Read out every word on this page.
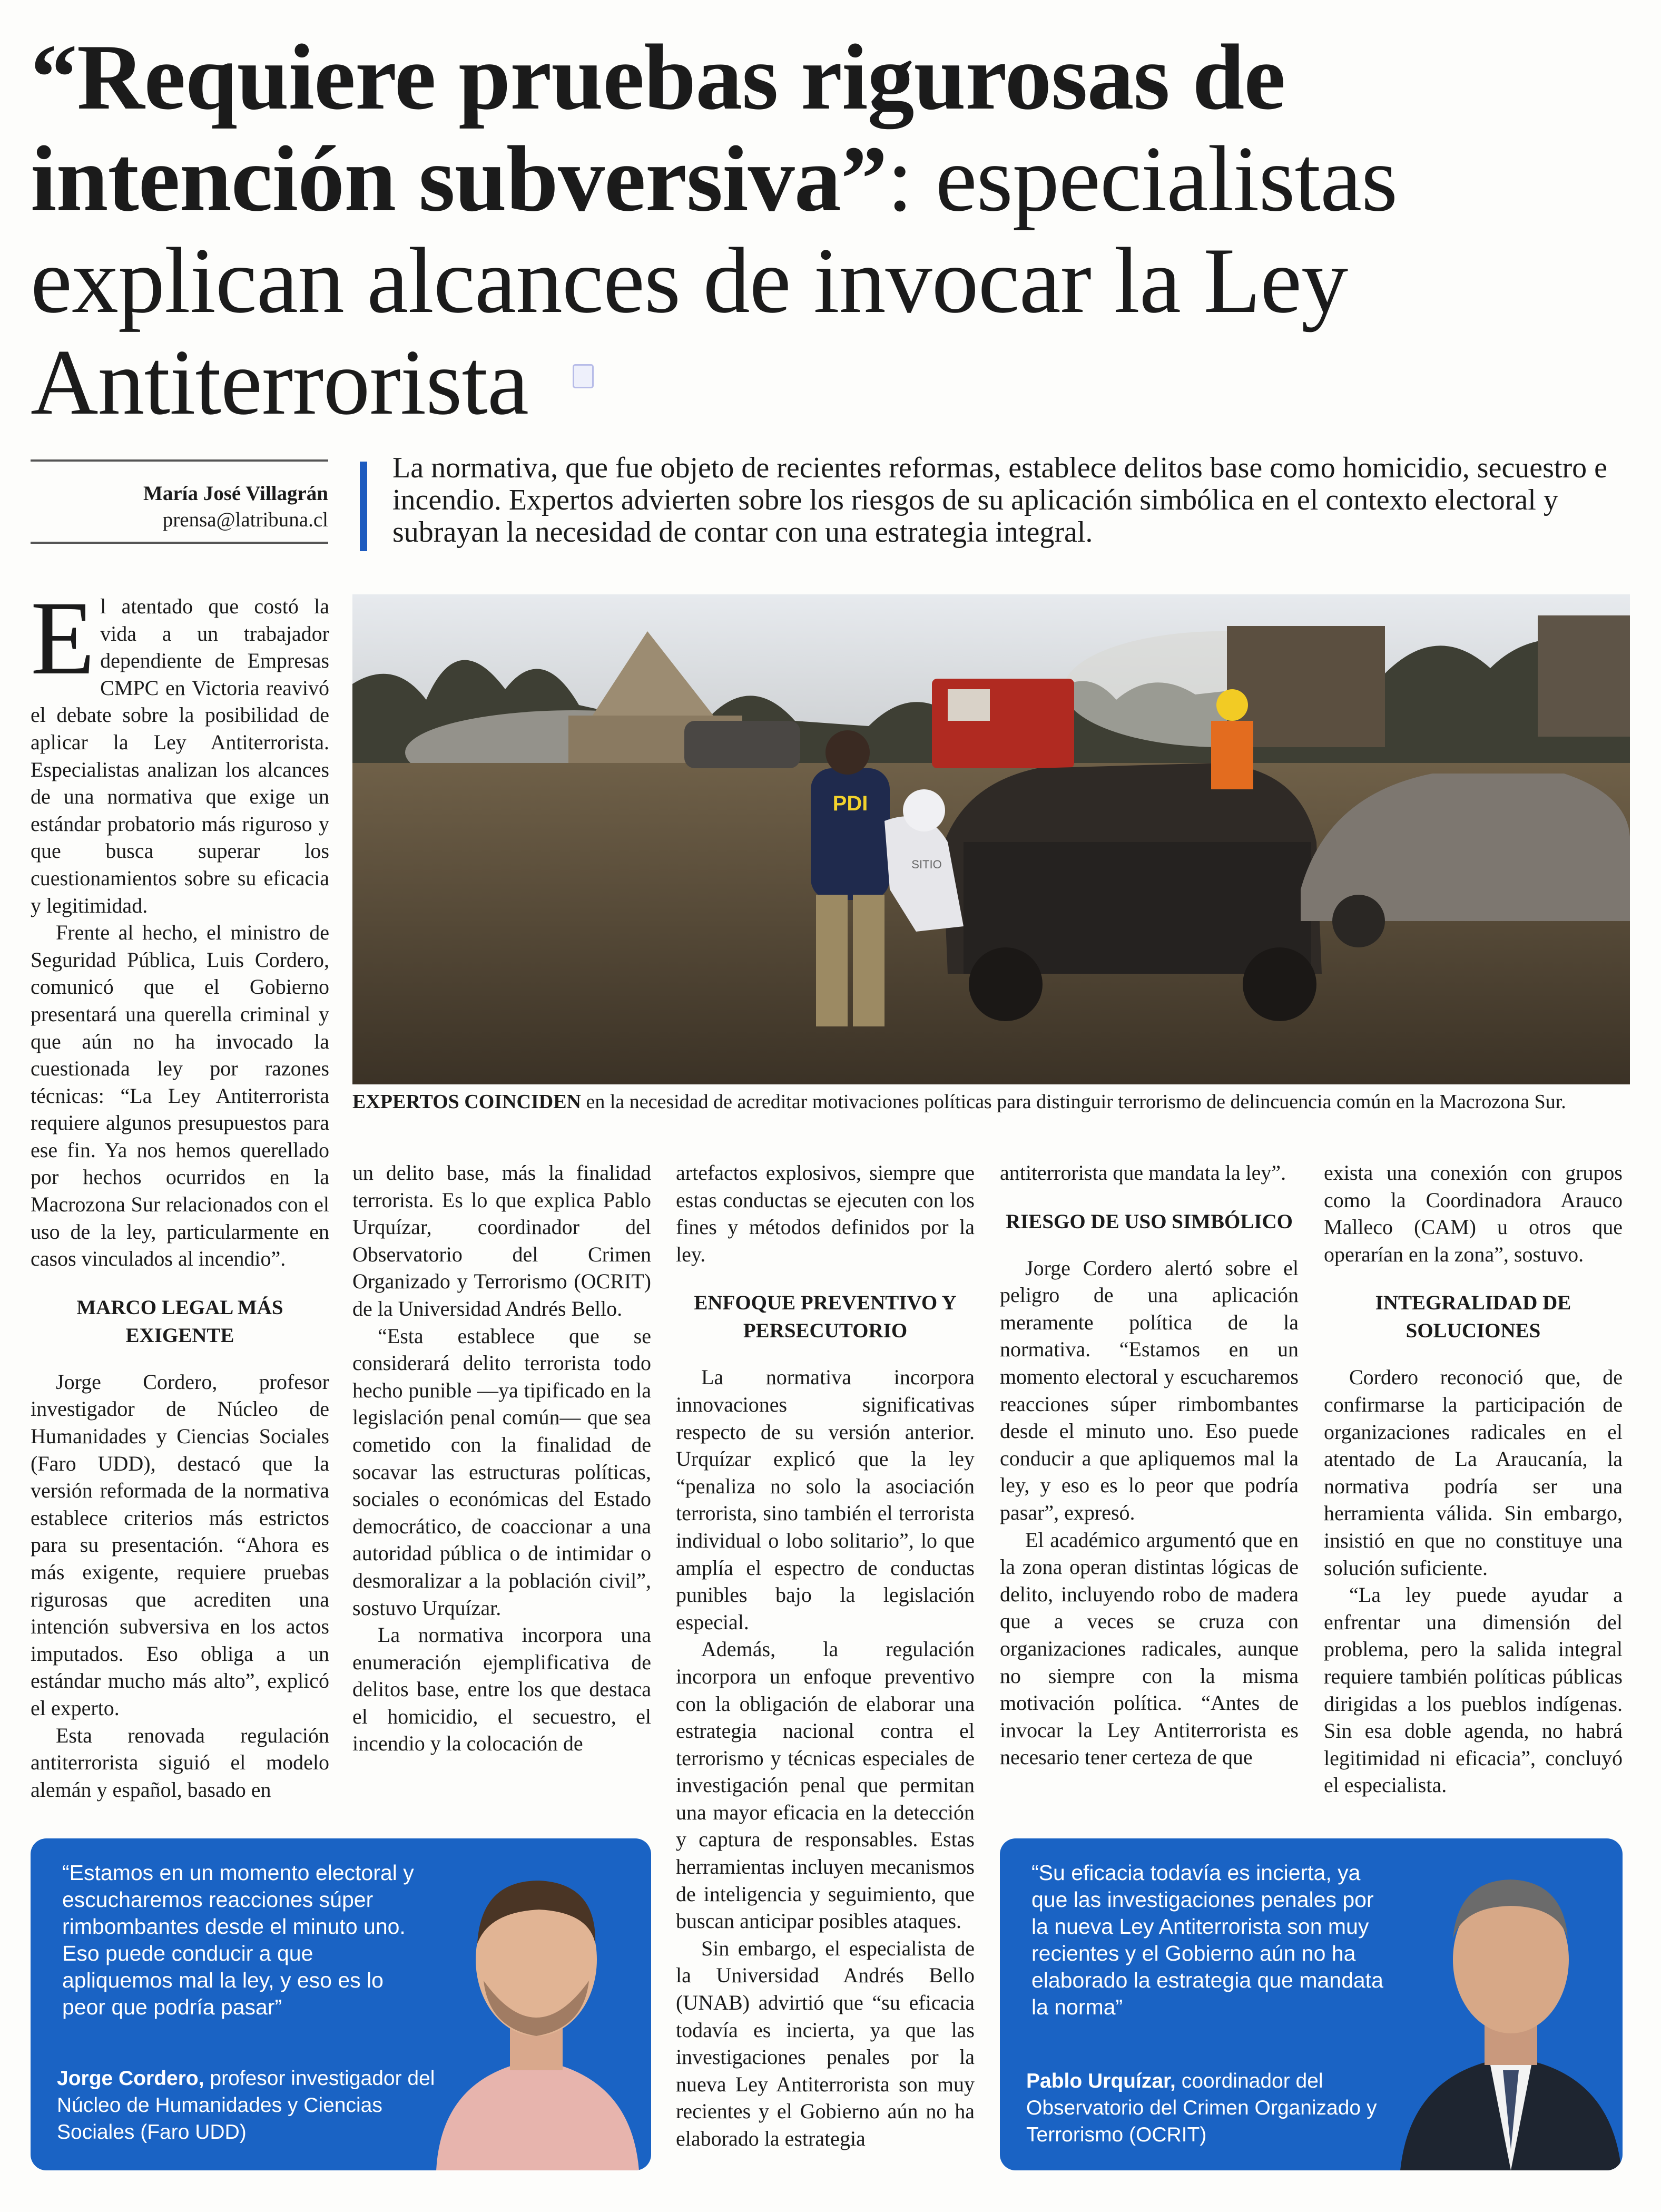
“Requiere pruebas rigurosas de intención subversiva”: especialistas explican alcances de invocar la Ley Antiterrorista
María José Villagrán
prensa@latribuna.cl

La normativa, que fue objeto de recientes reformas, establece delitos base como homicidio, secuestro e incendio. Expertos advierten sobre los riesgos de su aplicación simbólica en el contexto electoral y subrayan la necesidad de contar con una estrategia integral.

PDI
SITIO

EXPERTOS COINCIDEN en la necesidad de acreditar motivaciones políticas para distinguir terrorismo de delincuencia común en la Macrozona Sur.

El atentado que costó la vida a un trabajador dependiente de Empresas CMPC en Victoria reavivó el debate sobre la posibilidad de aplicar la Ley Antiterrorista. Especialistas analizan los alcances de una normativa que exige un estándar probatorio más riguroso y que busca superar los cuestionamientos sobre su eficacia y legitimidad.

Frente al hecho, el ministro de Seguridad Pública, Luis Cordero, comunicó que el Gobierno presentará una querella criminal y que aún no ha invocado la cuestionada ley por razones técnicas: “La Ley Antiterrorista requiere algunos presupuestos para ese fin. Ya nos hemos querellado por hechos ocurridos en la Macrozona Sur relacionados con el uso de la ley, particularmente en casos vinculados al incendio”.

MARCO LEGAL MÁS EXIGENTE

Jorge Cordero, profesor investigador de Núcleo de Humanidades y Ciencias Sociales (Faro UDD), destacó que la versión reformada de la normativa establece criterios más estrictos para su presentación. “Ahora es más exigente, requiere pruebas rigurosas que acrediten una intención subversiva en los actos imputados. Eso obliga a un estándar mucho más alto”, explicó el experto.

Esta renovada regulación antiterrorista siguió el modelo alemán y español, basado en

un delito base, más la finalidad terrorista. Es lo que explica Pablo Urquízar, coordinador del Observatorio del Crimen Organizado y Terrorismo (OCRIT) de la Universidad Andrés Bello.

“Esta establece que se considerará delito terrorista todo hecho punible —ya tipificado en la legislación penal común— que sea cometido con la finalidad de socavar las estructuras políticas, sociales o económicas del Estado democrático, de coaccionar a una autoridad pública o de intimidar o desmoralizar a la población civil”, sostuvo Urquízar.

La normativa incorpora una enumeración ejemplificativa de delitos base, entre los que destaca el homicidio, el secuestro, el incendio y la colocación de

artefactos explosivos, siempre que estas conductas se ejecuten con los fines y métodos definidos por la ley.

ENFOQUE PREVENTIVO Y PERSECUTORIO

La normativa incorpora innovaciones significativas respecto de su versión anterior. Urquízar explicó que la ley “penaliza no solo la asociación terrorista, sino también el terrorista individual o lobo solitario”, lo que amplía el espectro de conductas punibles bajo la legislación especial.

Además, la regulación incorpora un enfoque preventivo con la obligación de elaborar una estrategia nacional contra el terrorismo y técnicas especiales de investigación penal que permitan una mayor eficacia en la detección y captura de responsables. Estas herramientas incluyen mecanismos de inteligencia y seguimiento, que buscan anticipar posibles ataques.

Sin embargo, el especialista de la Universidad Andrés Bello (UNAB) advirtió que “su eficacia todavía es incierta, ya que las investigaciones penales por la nueva Ley Antiterrorista son muy recientes y el Gobierno aún no ha elaborado la estrategia

antiterrorista que mandata la ley”.

RIESGO DE USO SIMBÓLICO

Jorge Cordero alertó sobre el peligro de una aplicación meramente política de la normativa. “Estamos en un momento electoral y escucharemos reacciones súper rimbombantes desde el minuto uno. Eso puede conducir a que apliquemos mal la ley, y eso es lo peor que podría pasar”, expresó.

El académico argumentó que en la zona operan distintas lógicas de delito, incluyendo robo de madera que a veces se cruza con organizaciones radicales, aunque no siempre con la misma motivación política. “Antes de invocar la Ley Antiterrorista es necesario tener certeza de que

exista una conexión con grupos como la Coordinadora Arauco Malleco (CAM) u otros que operarían en la zona”, sostuvo.

INTEGRALIDAD DE SOLUCIONES

Cordero reconoció que, de confirmarse la participación de organizaciones radicales en el atentado de La Araucanía, la normativa podría ser una herramienta válida. Sin embargo, insistió en que no constituye una solución suficiente.

“La ley puede ayudar a enfrentar una dimensión del problema, pero la salida integral requiere también políticas públicas dirigidas a los pueblos indígenas. Sin esa doble agenda, no habrá legitimidad ni eficacia”, concluyó el especialista.

“Estamos en un momento electoral y escucharemos reacciones súper rimbombantes desde el minuto uno. Eso puede conducir a que apliquemos mal la ley, y eso es lo peor que podría pasar”

Jorge Cordero, profesor investigador del Núcleo de Humanidades y Ciencias Sociales (Faro UDD)

“Su eficacia todavía es incierta, ya que las investigaciones penales por la nueva Ley Antiterrorista son muy recientes y el Gobierno aún no ha elaborado la estrategia que mandata la norma”

Pablo Urquízar, coordinador del Observatorio del Crimen Organizado y Terrorismo (OCRIT)
